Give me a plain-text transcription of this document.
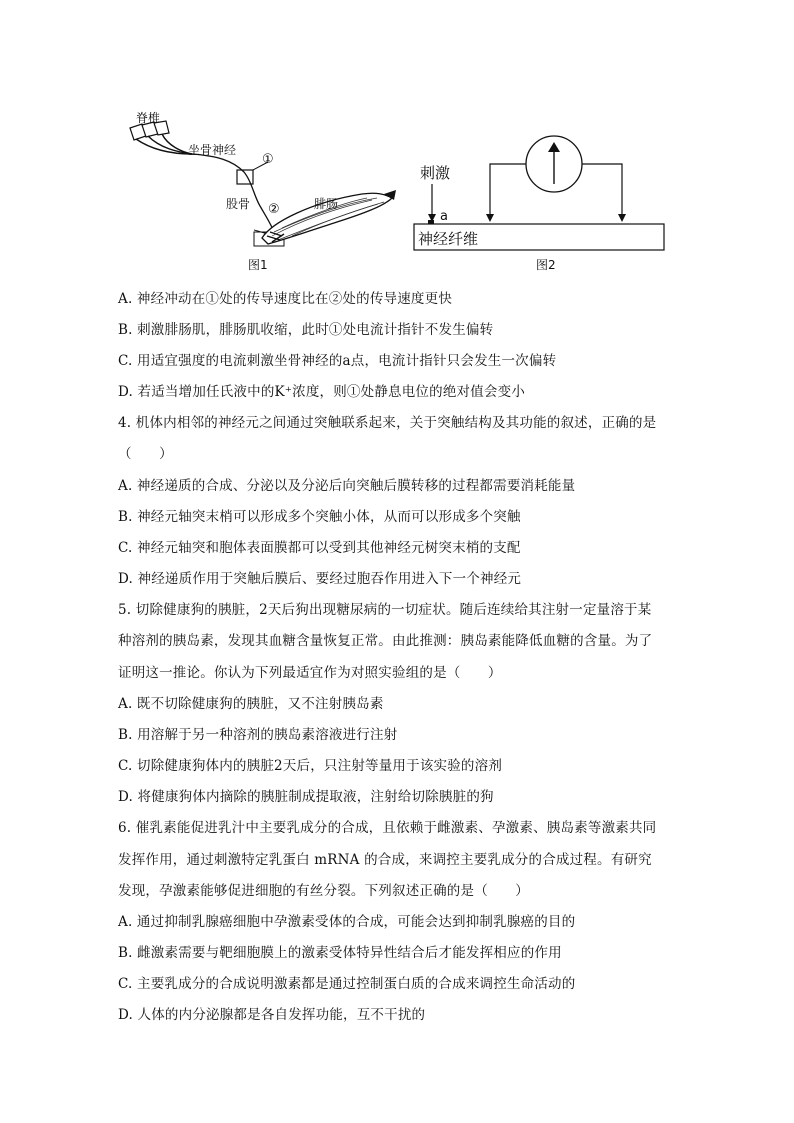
脊椎
坐骨神经
①
股骨 ②	腓肠
图1
刺激
a
神经纤维
图2
A. 神经冲动在①处的传导速度比在②处的传导速度更快
B. 刺激腓肠肌，腓肠肌收缩，此时①处电流计指针不发生偏转
C. 用适宜强度的电流刺激坐骨神经的a点，电流计指针只会发生一次偏转
D. 若适当增加任氏液中的K⁺浓度，则①处静息电位的绝对值会变小
4. 机体内相邻的神经元之间通过突触联系起来，关于突触结构及其功能的叙述，正确的是
（　　）
A. 神经递质的合成、分泌以及分泌后向突触后膜转移的过程都需要消耗能量
B. 神经元轴突末梢可以形成多个突触小体，从而可以形成多个突触
C. 神经元轴突和胞体表面膜都可以受到其他神经元树突末梢的支配
D. 神经递质作用于突触后膜后、要经过胞吞作用进入下一个神经元
5. 切除健康狗的胰脏，2天后狗出现糖尿病的一切症状。随后连续给其注射一定量溶于某
种溶剂的胰岛素，发现其血糖含量恢复正常。由此推测：胰岛素能降低血糖的含量。为了
证明这一推论。你认为下列最适宜作为对照实验组的是（　　）
A. 既不切除健康狗的胰脏，又不注射胰岛素
B. 用溶解于另一种溶剂的胰岛素溶液进行注射
C. 切除健康狗体内的胰脏2天后，只注射等量用于该实验的溶剂
D. 将健康狗体内摘除的胰脏制成提取液，注射给切除胰脏的狗
6. 催乳素能促进乳汁中主要乳成分的合成，且依赖于雌激素、孕激素、胰岛素等激素共同
发挥作用，通过刺激特定乳蛋白 mRNA 的合成，来调控主要乳成分的合成过程。有研究
发现，孕激素能够促进细胞的有丝分裂。下列叙述正确的是（　　）
A. 通过抑制乳腺癌细胞中孕激素受体的合成，可能会达到抑制乳腺癌的目的
B. 雌激素需要与靶细胞膜上的激素受体特异性结合后才能发挥相应的作用
C. 主要乳成分的合成说明激素都是通过控制蛋白质的合成来调控生命活动的
D. 人体的内分泌腺都是各自发挥功能，互不干扰的
